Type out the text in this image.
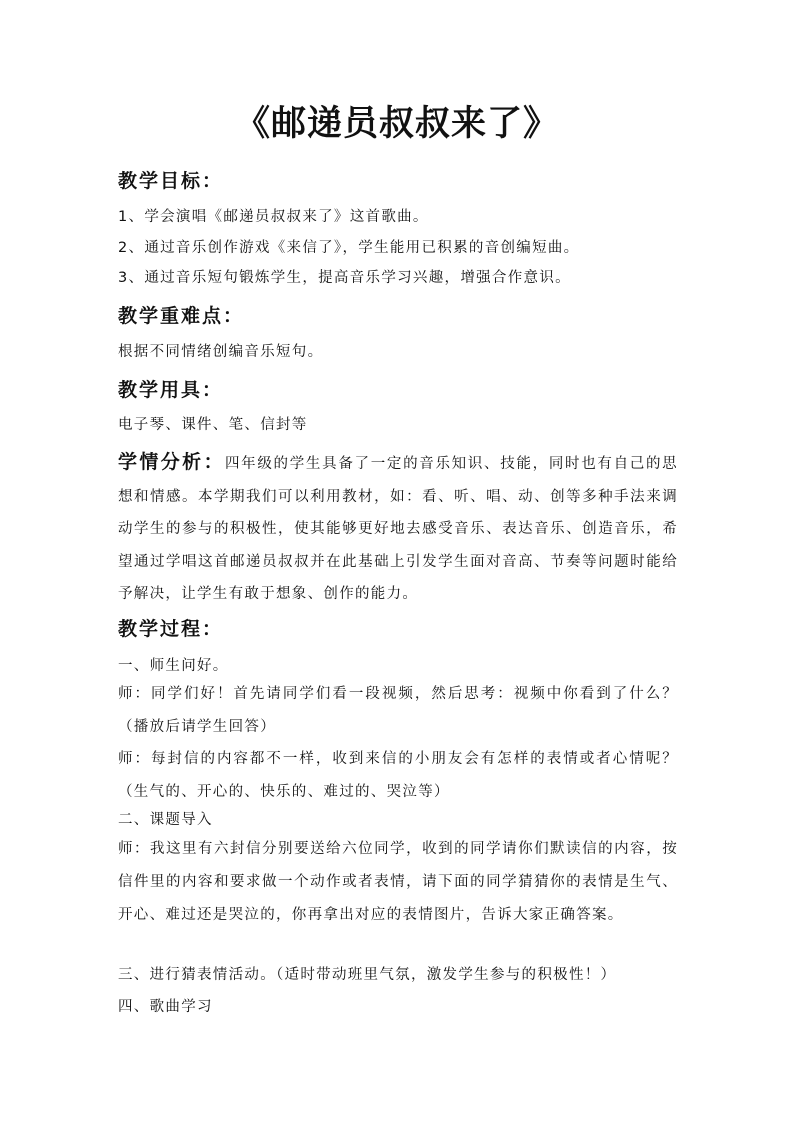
《邮递员叔叔来了》
教学目标：
1、学会演唱《邮递员叔叔来了》这首歌曲。
2、通过音乐创作游戏《来信了》，学生能用已积累的音创编短曲。
3、通过音乐短句锻炼学生，提高音乐学习兴趣，增强合作意识。
教学重难点：
根据不同情绪创编音乐短句。
教学用具：
电子琴、课件、笔、信封等
学情分析：四年级的学生具备了一定的音乐知识、技能，同时也有自己的思想和情感。本学期我们可以利用教材，如：看、听、唱、动、创等多种手法来调动学生的参与的积极性，使其能够更好地去感受音乐、表达音乐、创造音乐，希望通过学唱这首邮递员叔叔并在此基础上引发学生面对音高、节奏等问题时能给予解决，让学生有敢于想象、创作的能力。
教学过程：
一、师生问好。
师：同学们好！首先请同学们看一段视频，然后思考：视频中你看到了什么？（播放后请学生回答）
师：每封信的内容都不一样，收到来信的小朋友会有怎样的表情或者心情呢？（生气的、开心的、快乐的、难过的、哭泣等）
二、课题导入
师：我这里有六封信分别要送给六位同学，收到的同学请你们默读信的内容，按信件里的内容和要求做一个动作或者表情，请下面的同学猜猜你的表情是生气、开心、难过还是哭泣的，你再拿出对应的表情图片，告诉大家正确答案。
三、进行猜表情活动。（适时带动班里气氛，激发学生参与的积极性！）
四、歌曲学习
